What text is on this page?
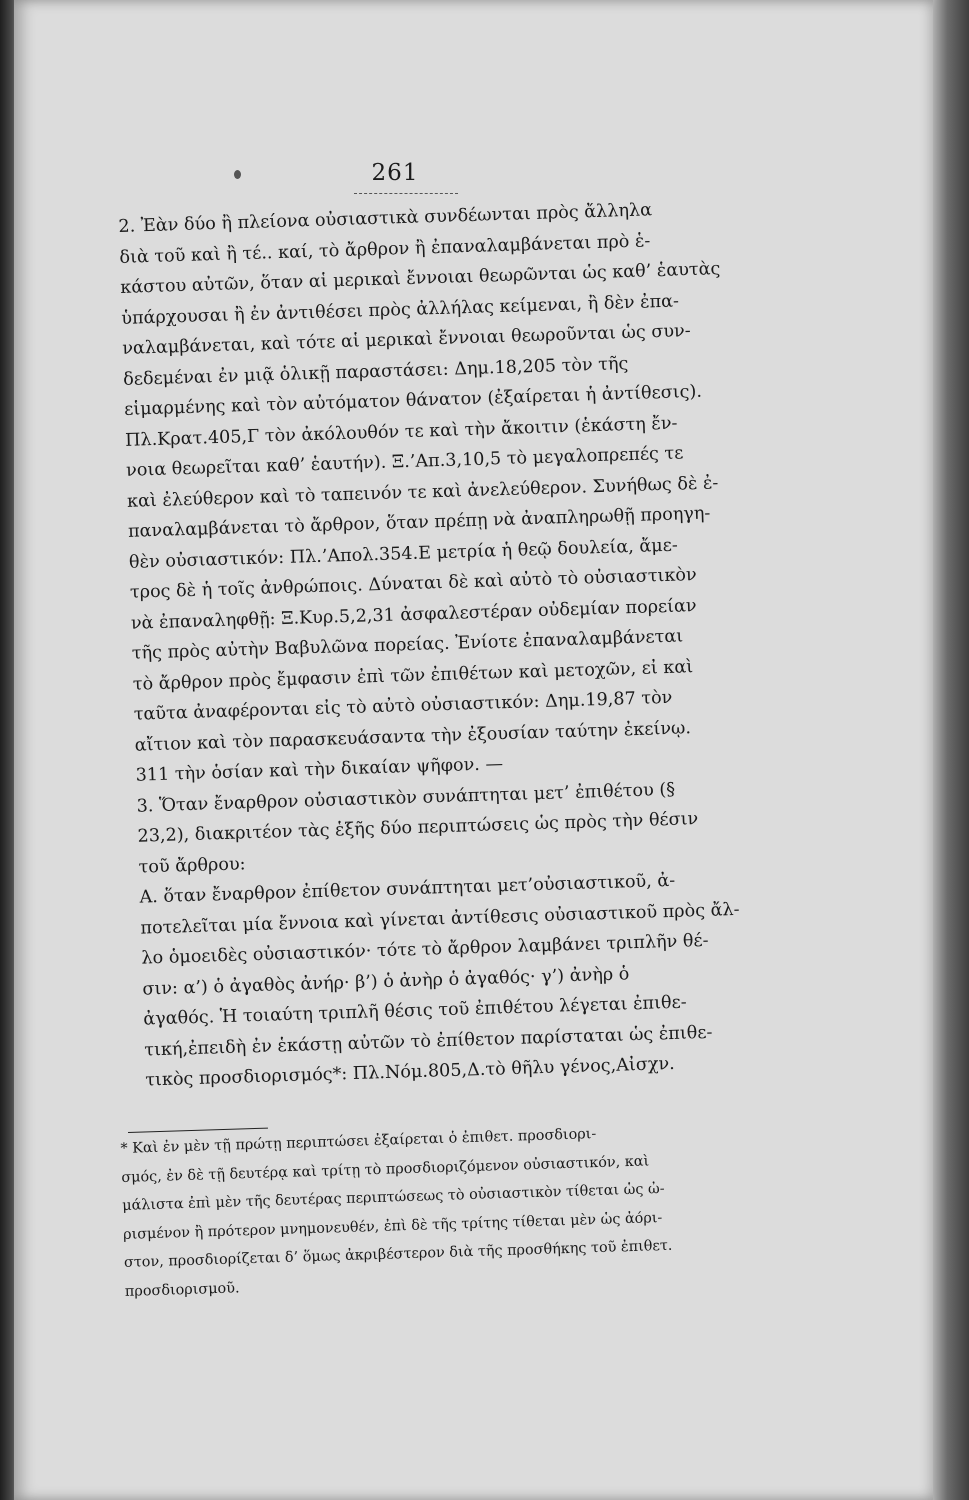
261
2. Ἐὰν δύο ἢ πλείονα οὐσιαστικὰ συνδέωνται πρὸς ἄλληλα
διὰ τοῦ καὶ ἢ τέ.. καί, τὸ ἄρθρον ἢ ἐπαναλαμβάνεται πρὸ ἑ-
κάστου αὐτῶν, ὅταν αἱ μερικαὶ ἔννοιαι θεωρῶνται ὡς καθ’ ἑαυτὰς
ὑπάρχουσαι ἢ ἐν ἀντιθέσει πρὸς ἀλλήλας κείμεναι, ἢ δὲν ἐπα-
ναλαμβάνεται, καὶ τότε αἱ μερικαὶ ἔννοιαι θεωροῦνται ὡς συν-
δεδεμέναι ἐν μιᾷ ὁλικῇ παραστάσει: Δημ.18,205 τὸν τῆς
εἱμαρμένης καὶ τὸν αὐτόματον θάνατον (ἐξαίρεται ἡ ἀντίθεσις).
Πλ.Κρατ.405,Γ τὸν ἀκόλουθόν τε καὶ τὴν ἄκοιτιν (ἑκάστη ἔν-
νοια θεωρεῖται καθ’ ἑαυτήν). Ξ.’Απ.3,10,5 τὸ μεγαλοπρεπές τε
καὶ ἐλεύθερον καὶ τὸ ταπεινόν τε καὶ ἀνελεύθερον. Συνήθως δὲ ἐ-
παναλαμβάνεται τὸ ἄρθρον, ὅταν πρέπῃ νὰ ἀναπληρωθῇ προηγη-
θὲν οὐσιαστικόν: Πλ.’Απολ.354.Ε μετρία ἡ θεῷ δουλεία, ἄμε-
τρος δὲ ἡ τοῖς ἀνθρώποις. Δύναται δὲ καὶ αὐτὸ τὸ οὐσιαστικὸν
νὰ ἐπαναληφθῇ: Ξ.Κυρ.5,2,31 ἀσφαλεστέραν οὐδεμίαν πορείαν
τῆς πρὸς αὐτὴν Βαβυλῶνα πορείας. Ἐνίοτε ἐπαναλαμβάνεται
τὸ ἄρθρον πρὸς ἔμφασιν ἐπὶ τῶν ἐπιθέτων καὶ μετοχῶν, εἰ καὶ
ταῦτα ἀναφέρονται εἰς τὸ αὐτὸ οὐσιαστικόν: Δημ.19,87 τὸν
αἴτιον καὶ τὸν παρασκευάσαντα τὴν ἐξουσίαν ταύτην ἐκείνῳ.
311 τὴν ὁσίαν καὶ τὴν δικαίαν ψῆφον. —
3. Ὅταν ἔναρθρον οὐσιαστικὸν συνάπτηται μετ’ ἐπιθέτου (§
23,2), διακριτέον τὰς ἑξῆς δύο περιπτώσεις ὡς πρὸς τὴν θέσιν
τοῦ ἄρθρου:
Α. ὅταν ἔναρθρον ἐπίθετον συνάπτηται μετ’οὐσιαστικοῦ, ἀ-
ποτελεῖται μία ἔννοια καὶ γίνεται ἀντίθεσις οὐσιαστικοῦ πρὸς ἄλ-
λο ὁμοειδὲς οὐσιαστικόν· τότε τὸ ἄρθρον λαμβάνει τριπλῆν θέ-
σιν: α’) ὁ ἀγαθὸς ἀνήρ· β’) ὁ ἀνὴρ ὁ ἀγαθός· γ’) ἀνὴρ ὁ
ἀγαθός. Ἡ τοιαύτη τριπλῆ θέσις τοῦ ἐπιθέτου λέγεται ἐπιθε-
τική,ἐπειδὴ ἐν ἑκάστῃ αὐτῶν τὸ ἐπίθετον παρίσταται ὡς ἐπιθε-
τικὸς προσδιορισμός*: Πλ.Νόμ.805,Δ.τὸ θῆλυ γένος,Αἰσχν.
* Καὶ ἐν μὲν τῇ πρώτῃ περιπτώσει ἐξαίρεται ὁ ἐπιθετ. προσδιορι-
σμός, ἐν δὲ τῇ δευτέρᾳ καὶ τρίτῃ τὸ προσδιοριζόμενον οὐσιαστικόν, καὶ
μάλιστα ἐπὶ μὲν τῆς δευτέρας περιπτώσεως τὸ οὐσιαστικὸν τίθεται ὡς ὠ-
ρισμένον ἢ πρότερον μνημονευθέν, ἐπὶ δὲ τῆς τρίτης τίθεται μὲν ὡς ἀόρι-
στον, προσδιορίζεται δ’ ὅμως ἀκριβέστερον διὰ τῆς προσθήκης τοῦ ἐπιθετ.
προσδιορισμοῦ.
